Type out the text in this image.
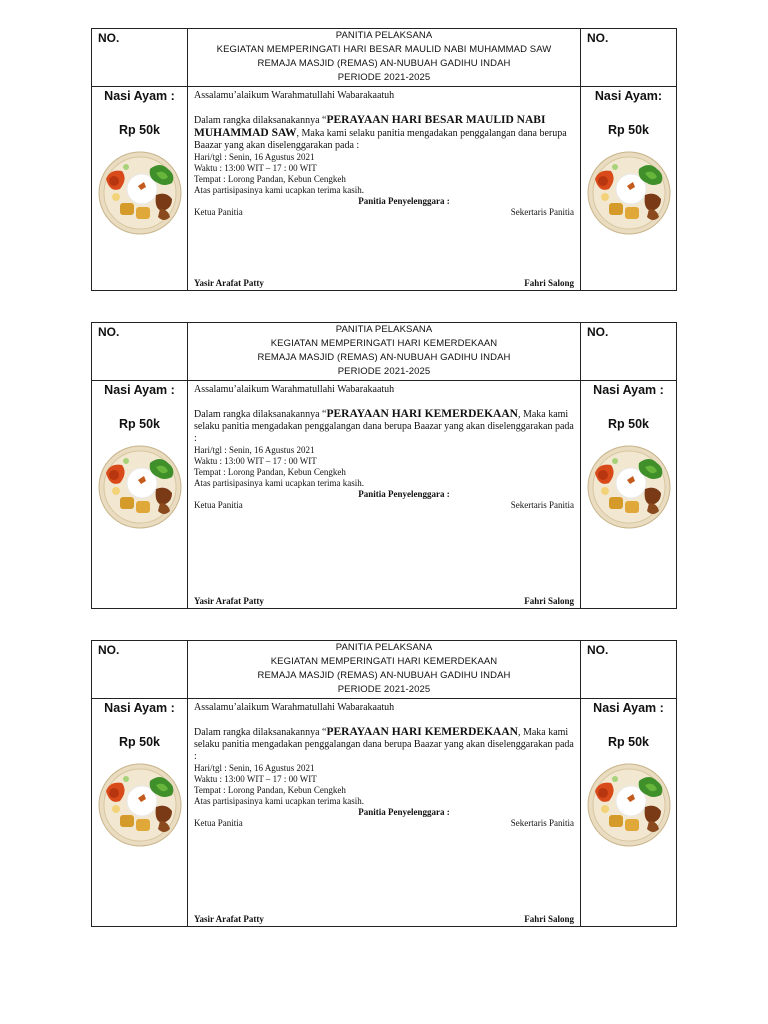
NO.	PANITIA PELAKSANA
KEGIATAN MEMPERINGATI HARI BESAR MAULID NABI MUHAMMAD SAW
REMAJA MASJID (REMAS) AN-NUBUAH GADIHU INDAH
PERIODE 2021-2025
NO.
Nasi Ayam :
Rp 50k
Assalamu’alaikum Warahmatullahi Wabarakaatuh
Dalam rangka dilaksanakannya “PERAYAAN HARI BESAR MAULID NABI MUHAMMAD SAW, Maka kami selaku panitia mengadakan penggalangan dana berupa Baazar yang akan diselenggarakan pada :
Hari/tgl : Senin, 16 Agustus 2021
Waktu : 13:00 WIT – 17 : 00 WIT
Tempat : Lorong Pandan, Kebun Cengkeh
Atas partisipasinya kami ucapkan terima kasih.
Panitia Penyelenggara :
Ketua Panitia	Sekertaris Panitia
Yasir Arafat Patty	Fahri Salong
Nasi Ayam:
Rp 50k
NO.	PANITIA PELAKSANA
KEGIATAN MEMPERINGATI HARI KEMERDEKAAN
REMAJA MASJID (REMAS) AN-NUBUAH GADIHU INDAH
PERIODE 2021-2025
NO.
Nasi Ayam :
Rp 50k
Assalamu’alaikum Warahmatullahi Wabarakaatuh
Dalam rangka dilaksanakannya “PERAYAAN HARI KEMERDEKAAN, Maka kami selaku panitia mengadakan penggalangan dana berupa Baazar yang akan diselenggarakan pada :
Hari/tgl : Senin, 16 Agustus 2021
Waktu : 13:00 WIT – 17 : 00 WIT
Tempat : Lorong Pandan, Kebun Cengkeh
Atas partisipasinya kami ucapkan terima kasih.
Panitia Penyelenggara :
Ketua Panitia	Sekertaris Panitia
Yasir Arafat Patty	Fahri Salong
Nasi Ayam :
Rp 50k
NO.	PANITIA PELAKSANA
KEGIATAN MEMPERINGATI HARI KEMERDEKAAN
REMAJA MASJID (REMAS) AN-NUBUAH GADIHU INDAH
PERIODE 2021-2025
NO.
Nasi Ayam :
Rp 50k
Assalamu’alaikum Warahmatullahi Wabarakaatuh
Dalam rangka dilaksanakannya “PERAYAAN HARI KEMERDEKAAN, Maka kami selaku panitia mengadakan penggalangan dana berupa Baazar yang akan diselenggarakan pada :
Hari/tgl : Senin, 16 Agustus 2021
Waktu : 13:00 WIT – 17 : 00 WIT
Tempat : Lorong Pandan, Kebun Cengkeh
Atas partisipasinya kami ucapkan terima kasih.
Panitia Penyelenggara :
Ketua Panitia	Sekertaris Panitia
Yasir Arafat Patty	Fahri Salong
Nasi Ayam :
Rp 50k
